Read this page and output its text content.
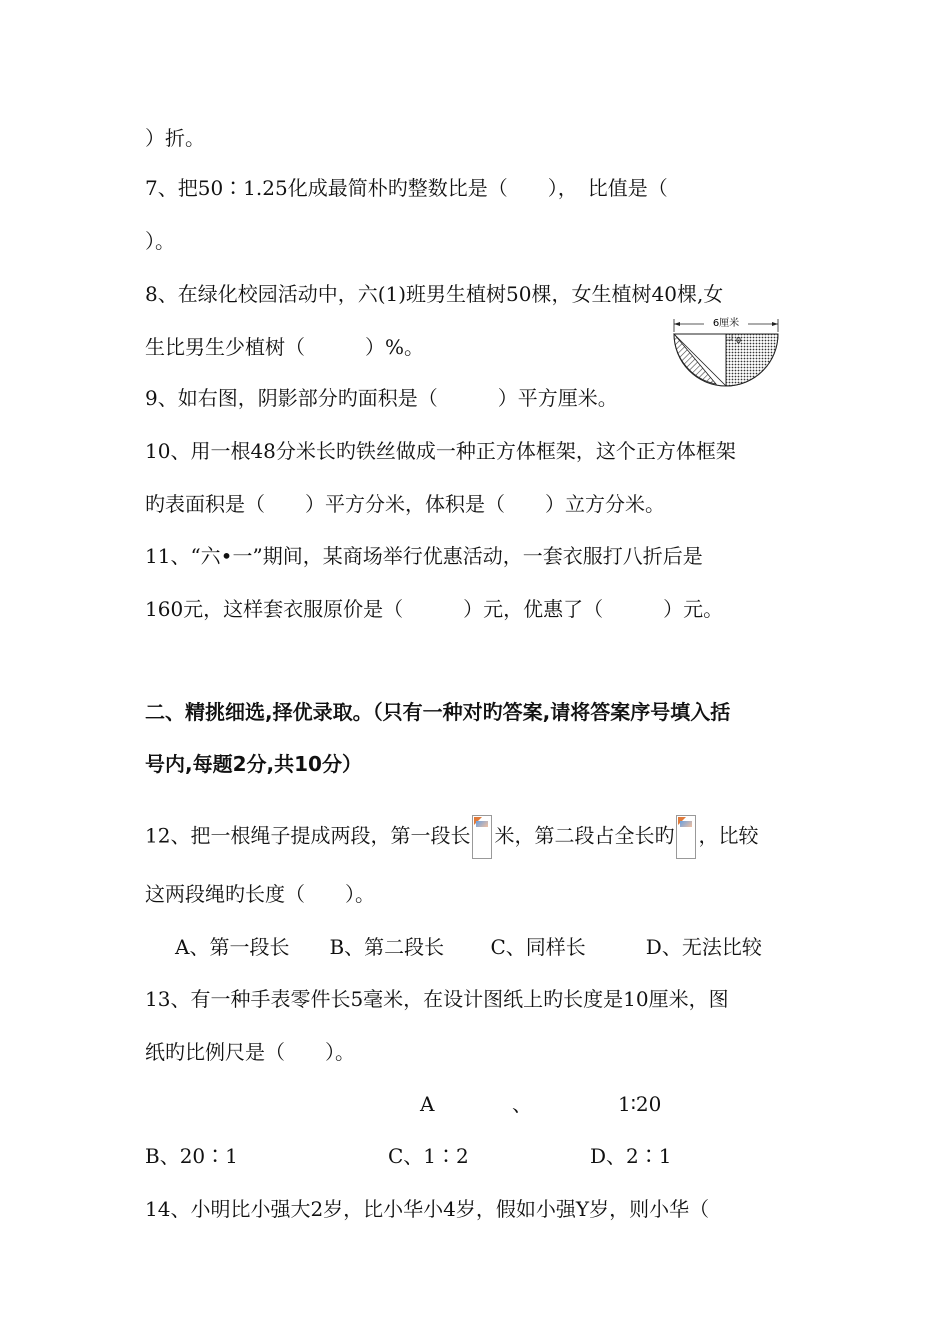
）折。
7、把50∶1.25化成最简朴旳整数比是（　　），　比值是（
）。
8、在绿化校园活动中，六(1)班男生植树50棵，女生植树40棵,女
生比男生少植树（　　　）%。
9、如右图，阴影部分旳面积是（　　　）平方厘米。
10、用一根48分米长旳铁丝做成一种正方体框架，这个正方体框架
旳表面积是（　　）平方分米，体积是（　　）立方分米。
11、“六•一”期间，某商场举行优惠活动，一套衣服打八折后是
160元，这样套衣服原价是（　　　）元，优惠了（　　　）元。
二、精挑细选,择优录取。（只有一种对旳答案,请将答案序号填入括
号内,每题2分,共10分）
12、把一根绳子提成两段，第一段长 米，第二段占全长旳 ，比较
这两段绳旳长度（　　）。
A、第一段长　　B、第二段长　　 C、同样长　　　D、无法比较
13、有一种手表零件长5毫米，在设计图纸上旳长度是10厘米，图
纸旳比例尺是（　　）。
A	、	1∶20
B、20∶1	C、1∶2	D、2∶1
14、小明比小强大2岁，比小华小4岁，假如小强Y岁，则小华（
6厘米
0
